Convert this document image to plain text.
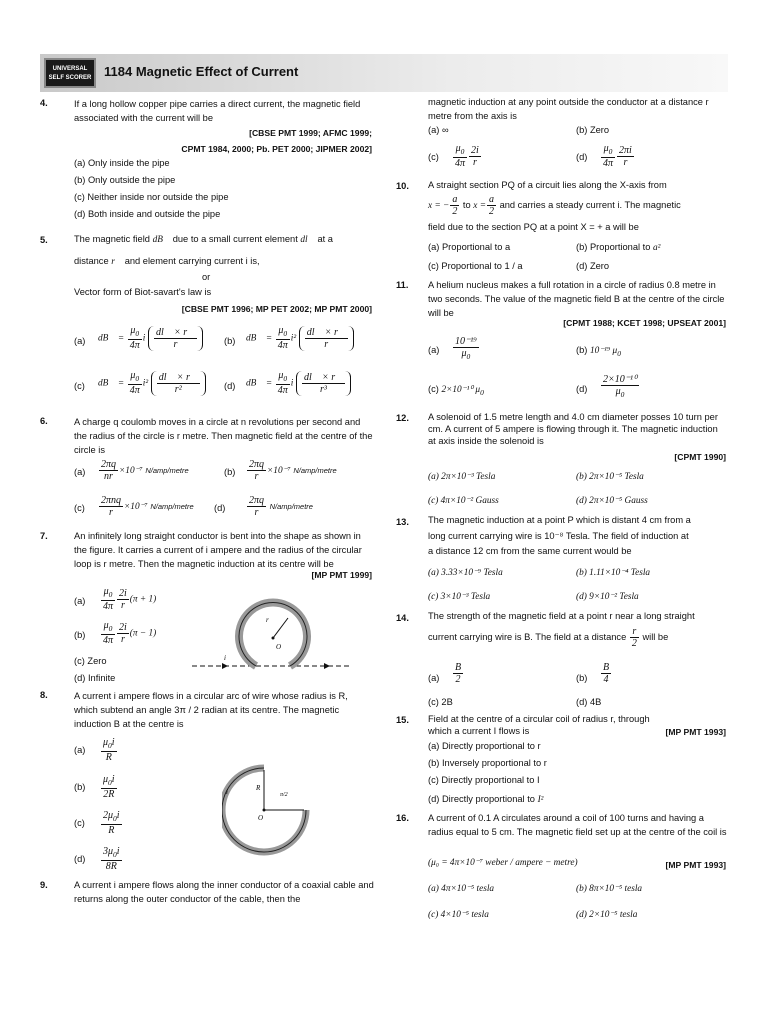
UNIVERSAL SELF SCORER 1184 Magnetic Effect of Current
4.	If a long hollow copper pipe carries a direct current, the magnetic field associated with the current will be
[CBSE PMT 1999; AFMC 1999;
CPMT 1984, 2000; Pb. PET 2000; JIPMER 2002]
(a) Only inside the pipe
(b) Only outside the pipe
(c) Neither inside nor outside the pipe
(d) Both inside and outside the pipe
5.	The magnetic field dB⃗ due to a small current element dl⃗ at a
distance r⃗ and element carrying current i is,
or
Vector form of Biot-savart's law is
[CBSE PMT 1996; MP PET 2002; MP PMT 2000]
(a) dB⃗ = $\frac{\mu_0}{4\pi}$ i $\frac{dl⃗ \times r⃗}{r}$	(b) dB⃗ = $\frac{\mu_0}{4\pi} i^2 \frac{dl⃗ \times r⃗}{r}$
(c) dB⃗ = $\frac{\mu_0}{4\pi} i^2 \frac{dl⃗ \times r⃗}{\text{r²}}$	(d) dB⃗ = $\frac{\mu_0}{4\pi}$ i $\frac{dl⃗ \times r⃗}{\text{r³}}$
6.	A charge q coulomb moves in a circle at n revolutions per second and the radius of the circle is r metre. Then magnetic field at the centre of the circle is
$(a) \frac{2\pi q}{nr} \times 10^{-7}$ N/amp/metre	$(b) \frac{2\pi q}{r} \times 10^{-7}$ N/amp/metre
(c)
2πnq
r
×10⁻⁷ N/amp/metre $(d) \frac{2\pi q}{r}$ N/amp/metre
7.	An infinitely long straight conductor is bent into the shape as shown in the figure. It carries a current of i ampere and the radius of the circular loop is r metre. Then the magnetic induction at its centre will be
[MP PMT 1999]
$(a) \frac{\mu_0}{4\pi} \frac{2i}{r} (\pi + 1)$
$(b) \frac{\mu_0}{4\pi} \frac{2i}{r} (\pi - 1)$
(c) Zero
(d) Infinite
O
r
i
8.	A current i ampere flows in a circular arc of wire whose radius is R, which subtend an angle 3π / 2 radian at its centre. The magnetic induction B at the centre is
$(a) \frac{\mu_0i}{R}$
$(b) \frac{\mu_0i}{2R}$
$(c) \frac{2\mu_0i}{R}$
$(d) \frac{3\mu_0i}{8R}$
R
π/2
O
i
9.	A current i ampere flows along the inner conductor of a coaxial cable and returns along the outer conductor of the cable, then the
magnetic induction at any point outside the conductor at a distance r metre from the axis is
(a) ∞	(b) Zero
$(c) \frac{\mu_0}{4\pi} \frac{2i}{r}$	$(d) \frac{\mu_0}{4\pi} \frac{2\pi i}{r}$
10. A straight section PQ of a circuit lies along the X-axis from
x = − $\frac{a}{2}$ to $x = \frac{a}{2}$ and carries a steady current i. The magnetic
field due to the section PQ at a point X = + a will be
(a) Proportional to a	(b) Proportional to a²
(c) Proportional to 1 / a	(d) Zero
11. A helium nucleus makes a full rotation in a circle of radius 0.8 metre in two seconds. The value of the magnetic field B at the centre of the circle will be
[CPMT 1988; KCET 1998; UPSEAT 2001]
$(a) \frac{\text{10⁻¹⁹}}{\mu_0}$	(b) 10⁻¹⁹ $\mu_0$
(c) 2×10⁻¹⁰ $\mu_0$	$(d) \frac{\text{2×10⁻¹⁰}}{\mu_0}$
12. A solenoid of 1.5 metre length and 4.0 cm diameter posses 10 turn per cm. A current of 5 ampere is flowing through it. The magnetic induction at axis inside the solenoid is
[CPMT 1990]
(a) 2π×10⁻³ Tesla	(b) 2π×10⁻⁵ Tesla
(c) 4π×10⁻² Gauss	(d) 2π×10⁻⁵ Gauss
13. The magnetic induction at a point P which is distant 4 cm from a
long current carrying wire is 10⁻⁸ Tesla. The field of induction at
a distance 12 cm from the same current would be
(a) 3.33×10⁻⁹ Tesla	(b) 1.11×10⁻⁴ Tesla
(c) 3×10⁻³ Tesla	(d) 9×10⁻² Tesla
14. The strength of the magnetic field at a point r near a long straight
current carrying wire is B. The field at a distance $\frac{r}{2}$ will be
$(a) \frac{B}{2}$	$(b) \frac{B}{4}$
(c) 2B	(d) 4B
15. Field at the centre of a circular coil of radius r, through which a current I flows is	[MP PMT 1993]
(a) Directly proportional to r
(b) Inversely proportional to r
(c) Directly proportional to I
(d) Directly proportional to I²
16. A current of 0.1 A circulates around a coil of 100 turns and having a radius equal to 5 cm. The magnetic field set up at the centre of the coil is
(μ₀ = 4π×10⁻⁷ weber / ampere − metre)	[MP PMT 1993]
(a) 4π×10⁻⁵ tesla	(b) 8π×10⁻⁵ tesla
(c) 4×10⁻⁵ tesla	(d) 2×10⁻⁵ tesla
